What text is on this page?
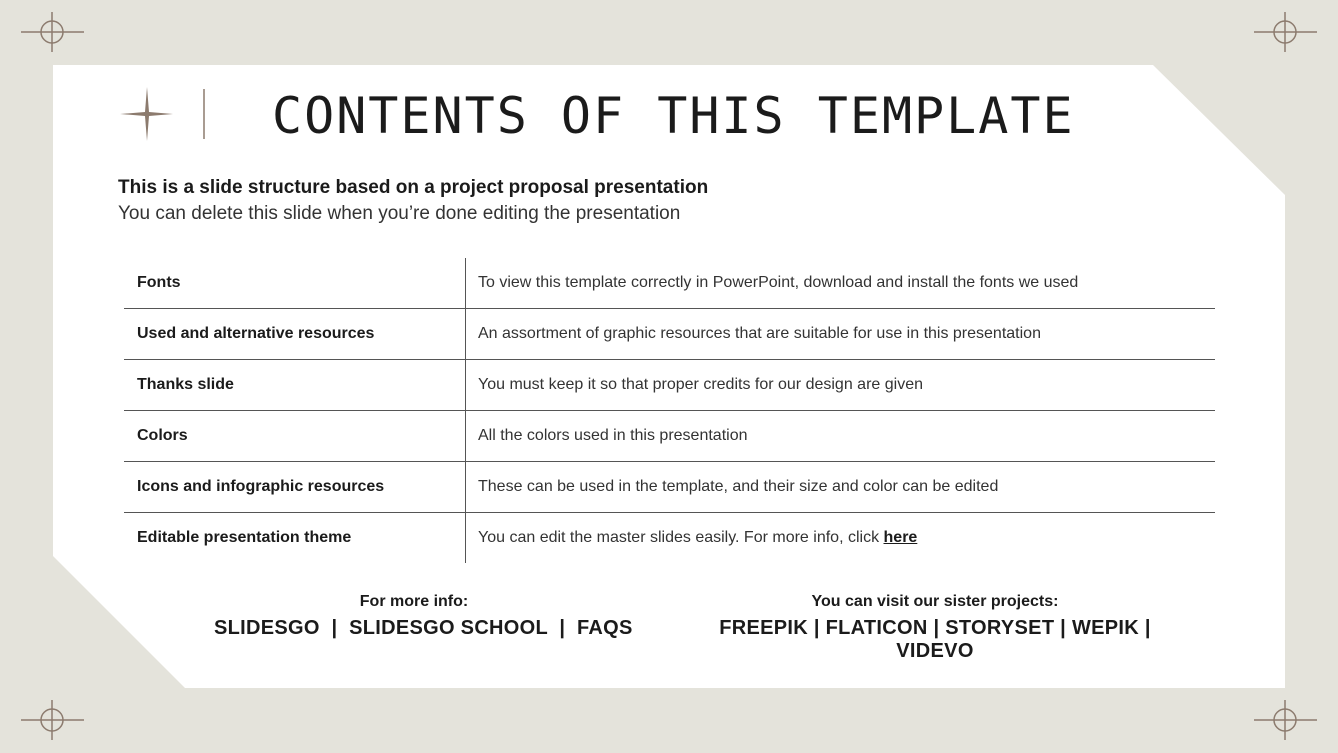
CONTENTS OF THIS TEMPLATE
This is a slide structure based on a project proposal presentation
You can delete this slide when you’re done editing the presentation
Fonts	To view this template correctly in PowerPoint, download and install the fonts we used
Used and alternative resources	An assortment of graphic resources that are suitable for use in this presentation
Thanks slide	You must keep it so that proper credits for our design are given
Colors	All the colors used in this presentation
Icons and infographic resources	These can be used in the template, and their size and color can be edited
Editable presentation theme	You can edit the master slides easily. For more info, click here
For more info:
SLIDESGO  |  SLIDESGO SCHOOL  |  FAQS
You can visit our sister projects:
FREEPIK | FLATICON | STORYSET | WEPIK | VIDEVO
